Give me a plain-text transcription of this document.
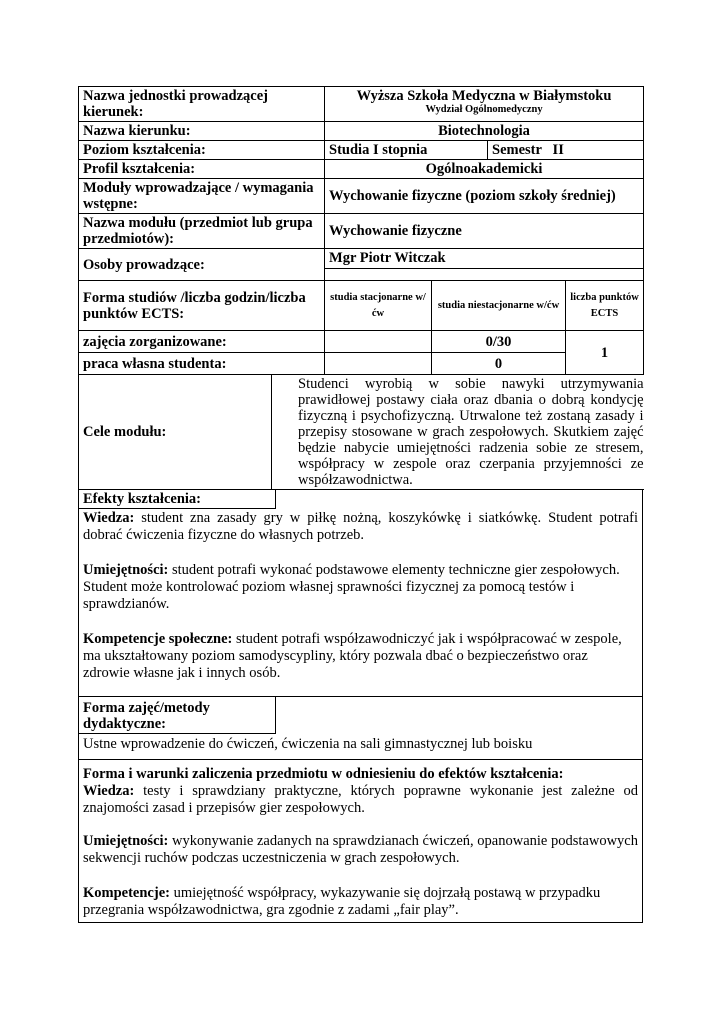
Nazwa jednostki prowadzącej kierunek:		Wyższa Szkoła Medyczna w Białymstoku
Wydział Ogólnomedyczny			

Nazwa kierunku:		Biotechnologia			
Poziom kształcenia:		Studia I stopnia		Semestr   II	
Profil kształcenia:		Ogólnoakademicki			
Moduły wprowadzające / wymagania wstępne:		Wychowanie fizyczne (poziom szkoły średniej)			
Nazwa modułu (przedmiot lub grupa przedmiotów):		Wychowanie fizyczne			
Osoby prowadzące:		Mgr Piotr Witczak			

Forma studiów /liczba godzin/liczba punktów ECTS:		studia stacjonarne w/ćw	studia niestacjonarne w/ćw		liczba punktów ECTS
zajęcia zorganizowane:			0/30		1
praca własna studenta:			0		
Cele modułu:	Studenci wyrobią w sobie nawyki utrzymywania prawidłowej postawy ciała oraz dbania o dobrą kondycję fizyczną i psychofizyczną. Utrwalone też zostaną zasady i przepisy stosowane w grach zespołowych. Skutkiem zajęć będzie nabycie umiejętności radzenia sobie ze stresem, współpracy w zespole oraz czerpania przyjemności ze współzawodnictwa.				
Efekty kształcenia:
Wiedza: student zna zasady gry w piłkę nożną, koszykówkę i siatkówkę. Student potrafi dobrać ćwiczenia fizyczne do własnych potrzeb.
Umiejętności: student potrafi wykonać podstawowe elementy techniczne gier zespołowych. Student może kontrolować poziom własnej sprawności fizycznej za pomocą testów i sprawdzianów.
Kompetencje społeczne: student potrafi współzawodniczyć jak i współpracować w zespole, ma ukształtowany poziom samodyscypliny, który pozwala dbać o bezpieczeństwo oraz zdrowie własne jak i innych osób.
Forma zajęć/metody dydaktyczne:
Ustne wprowadzenie do ćwiczeń, ćwiczenia na sali gimnastycznej lub boisku
Forma i warunki zaliczenia przedmiotu w odniesieniu do efektów kształcenia:
Wiedza: testy i sprawdziany praktyczne, których poprawne wykonanie jest zależne od znajomości zasad i przepisów gier zespołowych.
Umiejętności: wykonywanie zadanych na sprawdzianach ćwiczeń, opanowanie podstawowych sekwencji ruchów podczas uczestniczenia w grach zespołowych.
Kompetencje: umiejętność współpracy, wykazywanie się dojrzałą postawą w przypadku przegrania współzawodnictwa, gra zgodnie z zadami „fair play”.
